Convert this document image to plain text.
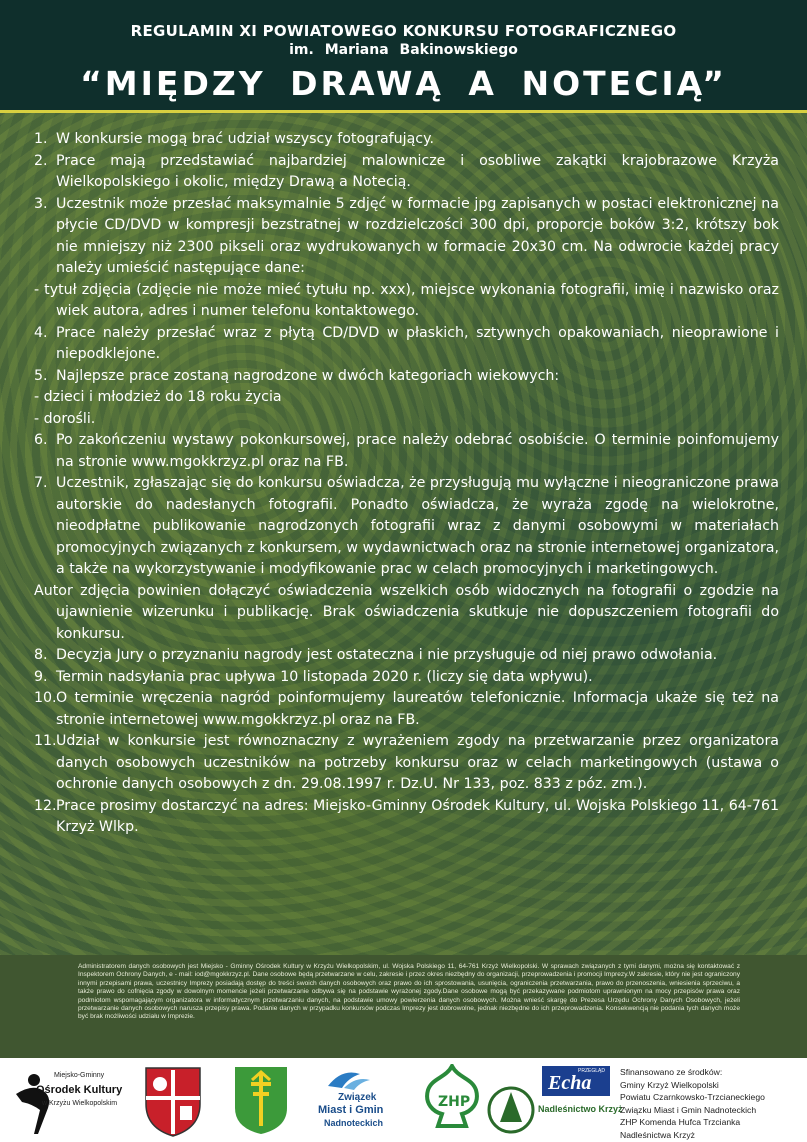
REGULAMIN XI POWIATOWEGO KONKURSU FOTOGRAFICZNEGO
im. Mariana Bakinowskiego
“MIĘDZY DRAWĄ A NOTECIĄ”

1. W konkursie mogą brać udział wszyscy fotografujący.

2. Prace mają przedstawiać najbardziej malownicze i osobliwe zakątki krajobrazowe Krzyża Wielkopolskiego i okolic, między Drawą a Notecią.

3. Uczestnik może przesłać maksymalnie 5 zdjęć w formacie jpg zapisanych w postaci elektronicznej na płycie CD/DVD w kompresji bezstratnej w rozdzielczości 300 dpi, proporcje boków 3:2, krótszy bok nie mniejszy niż 2300 pikseli oraz wydrukowanych w formacie 20x30 cm. Na odwrocie każdej pracy należy umieścić następujące dane:
- tytuł zdjęcia (zdjęcie nie może mieć tytułu np. xxx), miejsce wykonania fotografii, imię i nazwisko oraz wiek autora, adres i numer telefonu kontaktowego.

4. Prace należy przesłać wraz z płytą CD/DVD w płaskich, sztywnych opakowaniach, nieoprawione i niepodklejone.

5. Najlepsze prace zostaną nagrodzone w dwóch kategoriach wiekowych:
- dzieci i młodzież do 18 roku życia
- dorośli.

6. Po zakończeniu wystawy pokonkursowej, prace należy odebrać osobiście. O terminie poinfomujemy na stronie www.mgokkrzyz.pl oraz na FB.

7. Uczestnik, zgłaszając się do konkursu oświadcza, że przysługują mu wyłączne i nieograniczone prawa autorskie do nadesłanych fotografii. Ponadto oświadcza, że wyraża zgodę na wielokrotne, nieodpłatne publikowanie nagrodzonych fotografii wraz z danymi osobowymi w materiałach promocyjnych związanych z konkursem, w wydawnictwach oraz na stronie internetowej organizatora, a także na wykorzystywanie i modyfikowanie prac w celach promocyjnych i marketingowych.
Autor zdjęcia powinien dołączyć oświadczenia wszelkich osób widocznych na fotografii o zgodzie na ujawnienie wizerunku i publikację. Brak oświadczenia skutkuje nie dopuszczeniem fotografii do konkursu.

8. Decyzja Jury o przyznaniu nagrody jest ostateczna i nie przysługuje od niej prawo odwołania.

9. Termin nadsyłania prac upływa 10 listopada 2020 r. (liczy się data wpływu).

10.O terminie wręczenia nagród poinformujemy laureatów telefonicznie. Informacja ukaże się też na stronie internetowej www.mgokkrzyz.pl oraz na FB.

11.Udział w konkursie jest równoznaczny z wyrażeniem zgody na przetwarzanie przez organizatora danych osobowych uczestników na potrzeby konkursu oraz w celach marketingowych (ustawa o ochronie danych osobowych z dn. 29.08.1997 r. Dz.U. Nr 133, poz. 833 z póz. zm.).

12.Prace prosimy dostarczyć na adres: Miejsko-Gminny Ośrodek Kultury, ul. Wojska Polskiego 11, 64-761 Krzyż Wlkp.

Administratorem danych osobowych jest Miejsko - Gminny Ośrodek Kultury w Krzyżu Wielkopolskim, ul. Wojska Polskiego 11, 64-761 Krzyż Wielkopolski. W sprawach związanych z tymi danymi, można się kontaktować z Inspektorem Ochrony Danych, e - mail: iod@mgokkrzyz.pl. Dane osobowe będą przetwarzane w celu, zakresie i przez okres niezbędny do organizacji, przeprowadzenia i promocji Imprezy.W zakresie, który nie jest ograniczony innymi przepisami prawa, uczestnicy Imprezy posiadają dostęp do treści swoich danych osobowych oraz prawo do ich sprostowania, usunięcia, ograniczenia przetwarzania, prawo do przenoszenia, wniesienia sprzeciwu, a także prawo do cofnięcia zgody w dowolnym momencie jeżeli przetwarzanie odbywa się na podstawie wyrażonej zgody.Dane osobowe mogą być przekazywane podmiotom uprawnionym na mocy przepisów prawa oraz podmiotom wspomagającym organizatora w informatycznym przetwarzaniu danych, na podstawie umowy powierzenia danych osobowych. Można wnieść skargę do Prezesa Urzędu Ochrony Danych Osobowych, jeżeli przetwarzanie danych osobowych narusza przepisy prawa. Podanie danych w przypadku konkursów podczas Imprezy jest dobrowolne, jednak niezbędne do ich przeprowadzenia. Konsekwencją nie podania tych danych może być brak możliwości udziału w Imprezie.
Miejsko-Gminny
Ośrodek Kultury
w Krzyżu Wielkopolskim
Związek
Miast i Gmin
Nadnoteckich
ZHP
PRZEGLĄD
Echa
Nadleśnictwo Krzyż
Sfinansowano ze środków:
Gminy Krzyż Wielkopolski
Powiatu Czarnkowsko-Trzcianeckiego
Związku Miast i Gmin Nadnoteckich
ZHP Komenda Hufca Trzcianka
Nadleśnictwa Krzyż
